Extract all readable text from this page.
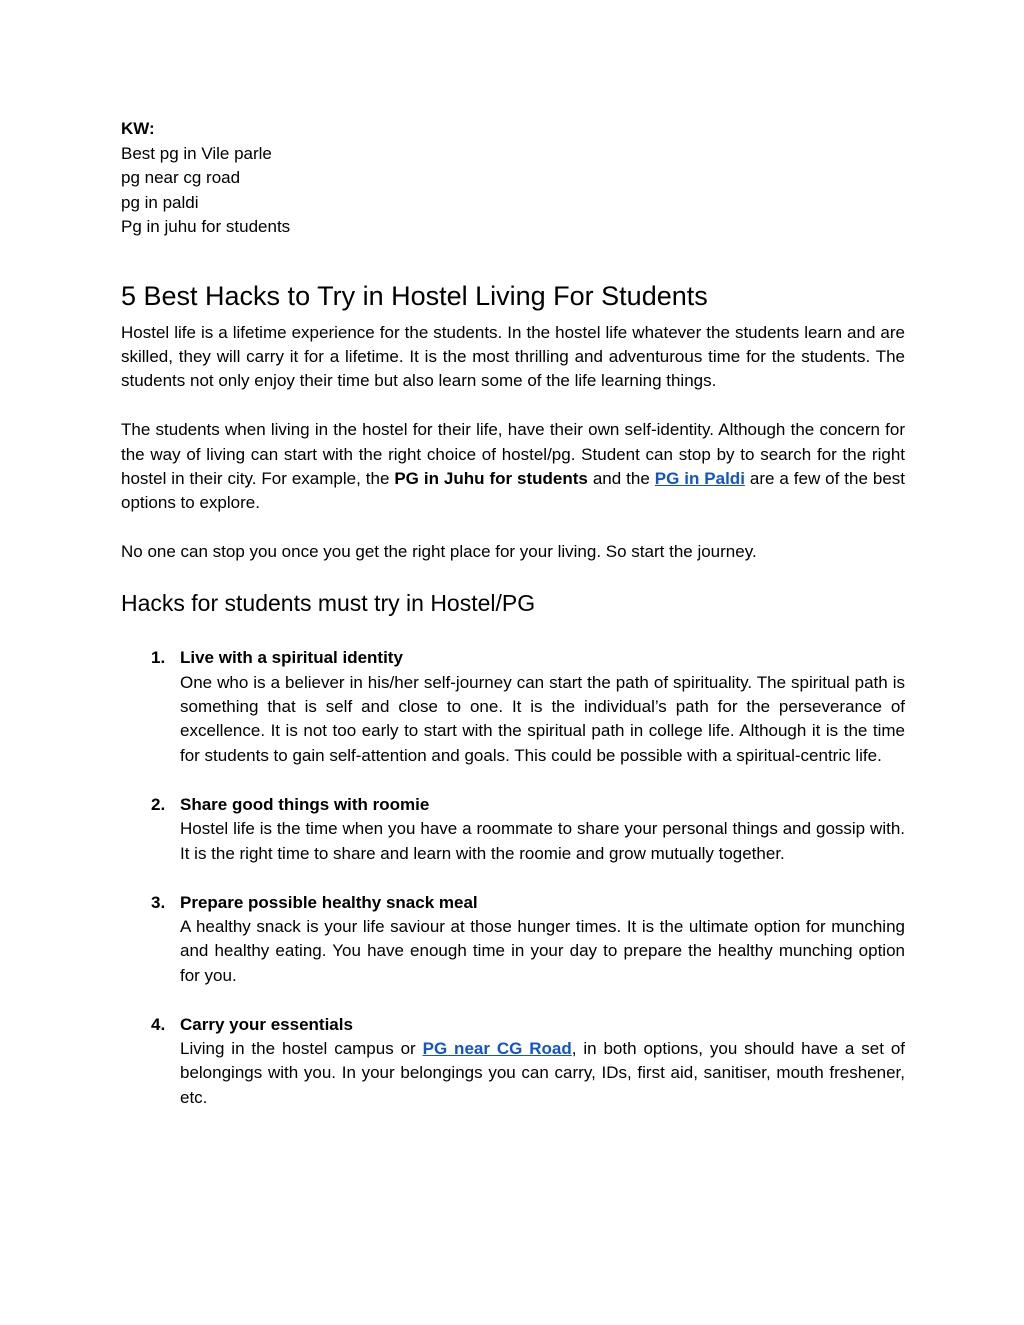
KW:
Best pg in Vile parle
pg near cg road
pg in paldi
Pg in juhu for students
5 Best Hacks to Try in Hostel Living For Students

Hostel life is a lifetime experience for the students. In the hostel life whatever the students learn and are skilled, they will carry it for a lifetime. It is the most thrilling and adventurous time for the students. The students not only enjoy their time but also learn some of the life learning things.

The students when living in the hostel for their life, have their own self-identity. Although the concern for the way of living can start with the right choice of hostel/pg. Student can stop by to search for the right hostel in their city. For example, the PG in Juhu for students and the PG in Paldi are a few of the best options to explore.

No one can stop you once you get the right place for your living. So start the journey.

Hacks for students must try in Hostel/PG
1. Live with a spiritual identity
One who is a believer in his/her self-journey can start the path of spirituality. The spiritual path is something that is self and close to one. It is the individual’s path for the perseverance of excellence. It is not too early to start with the spiritual path in college life. Although it is the time for students to gain self-attention and goals. This could be possible with a spiritual-centric life.
2. Share good things with roomie
Hostel life is the time when you have a roommate to share your personal things and gossip with. It is the right time to share and learn with the roomie and grow mutually together.
3. Prepare possible healthy snack meal
A healthy snack is your life saviour at those hunger times. It is the ultimate option for munching and healthy eating. You have enough time in your day to prepare the healthy munching option for you.
4. Carry your essentials
Living in the hostel campus or PG near CG Road, in both options, you should have a set of belongings with you. In your belongings you can carry, IDs, first aid, sanitiser, mouth freshener, etc.
